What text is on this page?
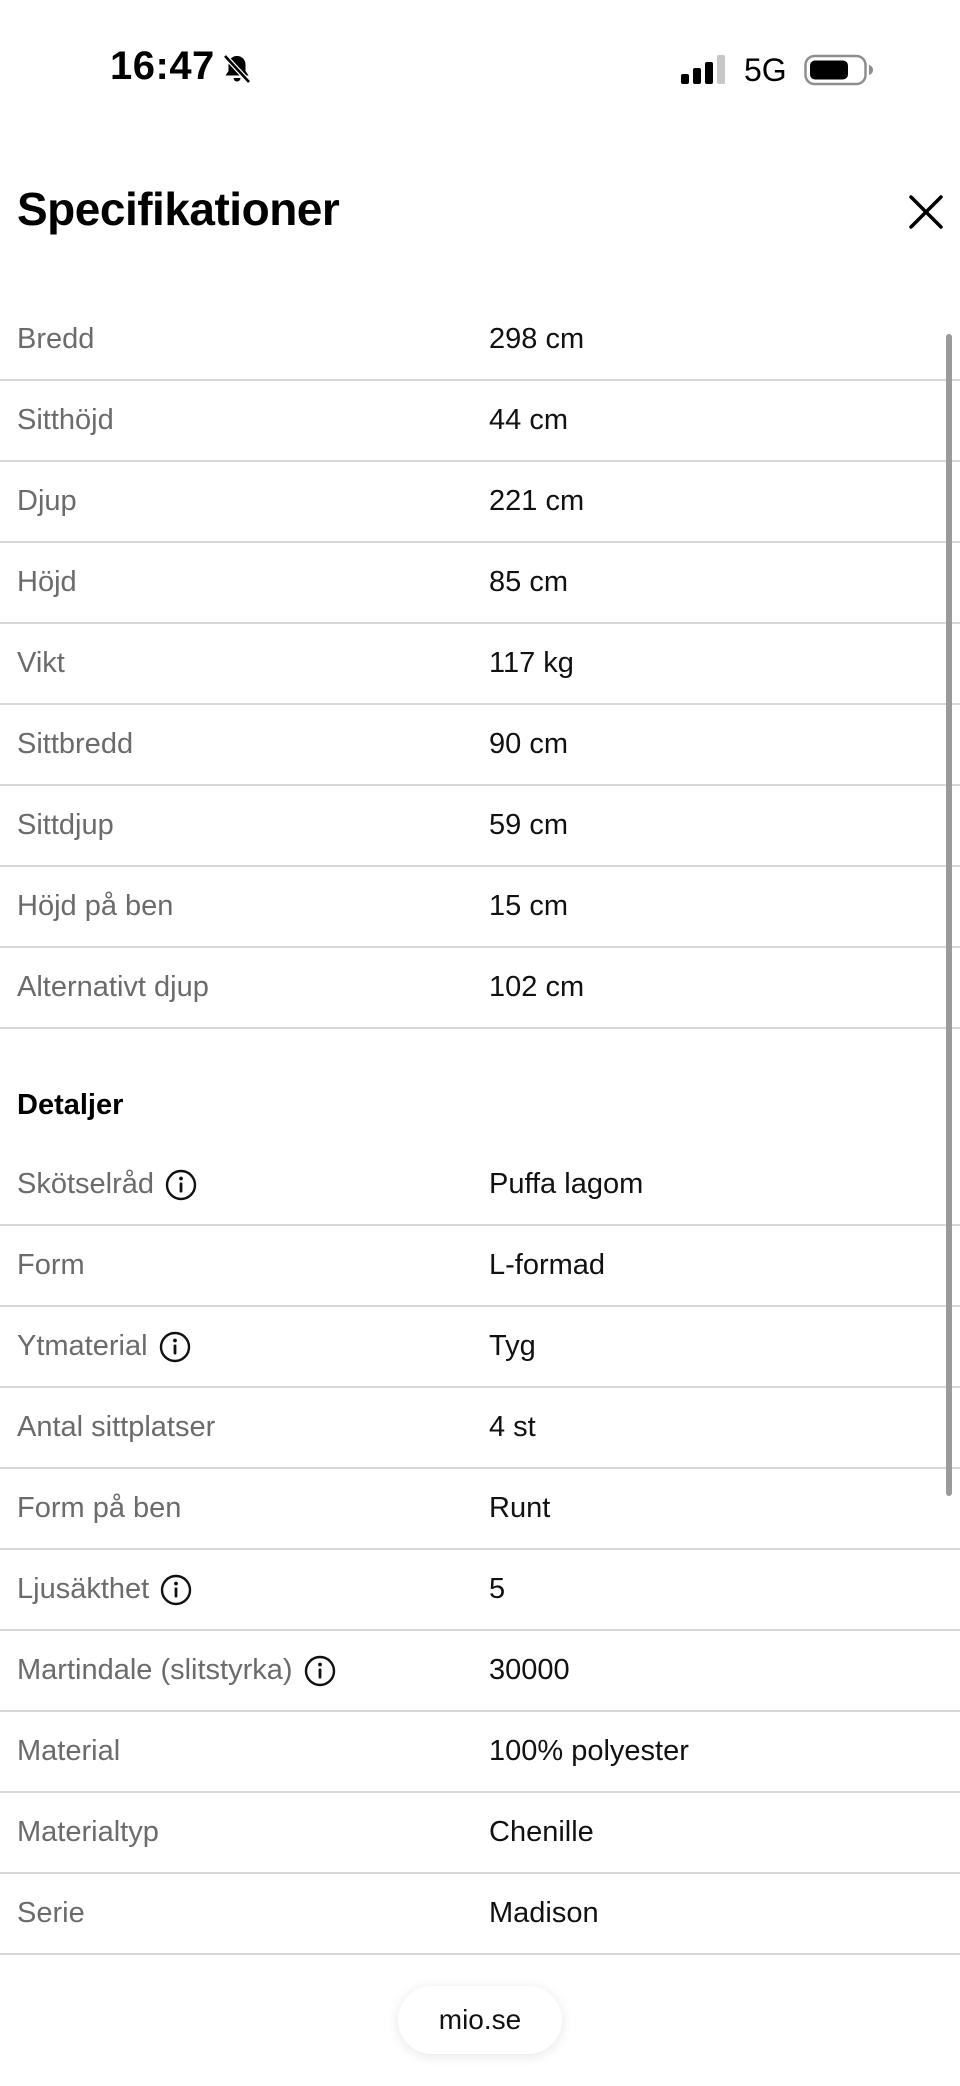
16:47	5G
Specifikationer
Bredd	298 cm
Sitthöjd	44 cm
Djup	221 cm
Höjd	85 cm
Vikt	117 kg
Sittbredd	90 cm
Sittdjup	59 cm
Höjd på ben	15 cm
Alternativt djup	102 cm
Detaljer
Skötselråd	Puffa lagom
Form	L-formad
Ytmaterial	Tyg
Antal sittplatser	4 st
Form på ben	Runt
Ljusäkthet	5
Martindale (slitstyrka)	30000
Material	100% polyester
Materialtyp	Chenille
Serie	Madison
mio.se
